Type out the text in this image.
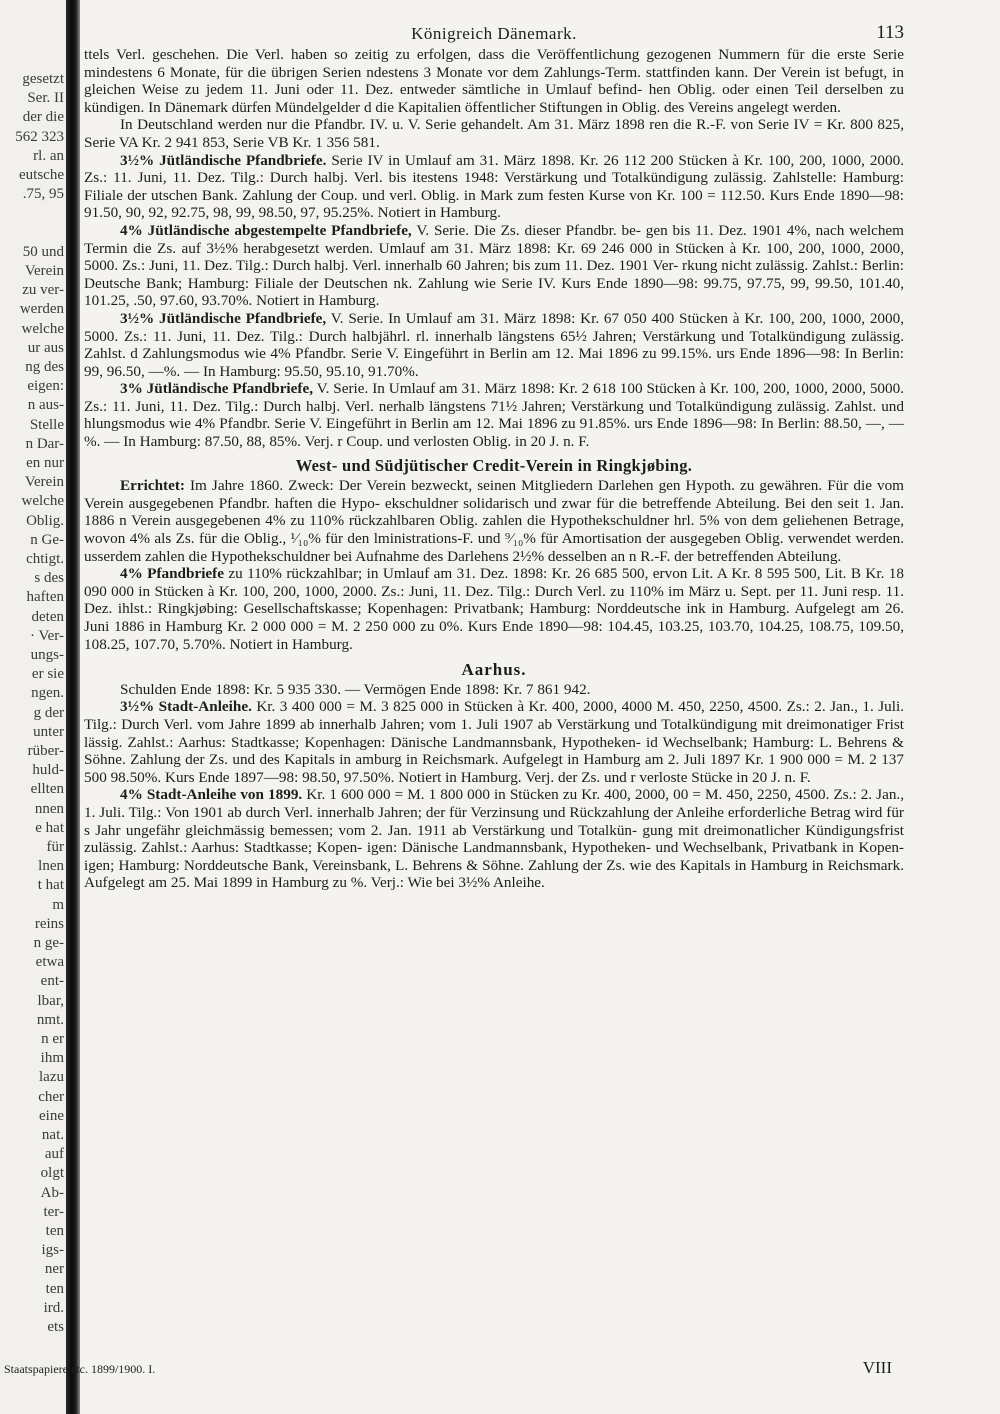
gesetzt
Ser. II
der die
562 323
rl. an
eutsche
.75, 95
50 und
Verein
zu ver-
werden
welche
ur aus
ng des
eigen:
n aus-
Stelle
n Dar-
en nur
Verein
welche
Oblig.
n Ge-
chtigt.
s des
haften
deten
· Ver-
ungs-
er sie
ngen.
g der
unter
rüber-
huld-
ellten
nnen
e hat
für
lnen
t hat
m
reins
n ge-
etwa
ent-
lbar,
nmt.
n er
ihm
lazu
cher
eine
nat.
auf
olgt
Ab-
ter-
ten
igs-
ner
ten
ird.
ets
Königreich Dänemark.	113

ttels Verl. geschehen. Die Verl. haben so zeitig zu erfolgen, dass die Veröffentlichung gezogenen Nummern für die erste Serie mindestens 6 Monate, für die übrigen Serien ndestens 3 Monate vor dem Zahlungs-Term. stattfinden kann. Der Verein ist befugt, in gleichen Weise zu jedem 11. Juni oder 11. Dez. entweder sämtliche in Umlauf befind- hen Oblig. oder einen Teil derselben zu kündigen. In Dänemark dürfen Mündelgelder d die Kapitalien öffentlicher Stiftungen in Oblig. des Vereins angelegt werden.

In Deutschland werden nur die Pfandbr. IV. u. V. Serie gehandelt. Am 31. März 1898 ren die R.-F. von Serie IV = Kr. 800 825, Serie VA Kr. 2 941 853, Serie VB Kr. 1 356 581.

3½% Jütländische Pfandbriefe. Serie IV in Umlauf am 31. März 1898. Kr. 26 112 200 Stücken à Kr. 100, 200, 1000, 2000. Zs.: 11. Juni, 11. Dez. Tilg.: Durch halbj. Verl. bis itestens 1948: Verstärkung und Totalkündigung zulässig. Zahlstelle: Hamburg: Filiale der utschen Bank. Zahlung der Coup. und verl. Oblig. in Mark zum festen Kurse von Kr. 100 = 112.50. Kurs Ende 1890—98: 91.50, 90, 92, 92.75, 98, 99, 98.50, 97, 95.25%. Notiert in Hamburg.

4% Jütländische abgestempelte Pfandbriefe, V. Serie. Die Zs. dieser Pfandbr. be- gen bis 11. Dez. 1901 4%, nach welchem Termin die Zs. auf 3½% herabgesetzt werden. Umlauf am 31. März 1898: Kr. 69 246 000 in Stücken à Kr. 100, 200, 1000, 2000, 5000. Zs.: Juni, 11. Dez. Tilg.: Durch halbj. Verl. innerhalb 60 Jahren; bis zum 11. Dez. 1901 Ver- rkung nicht zulässig. Zahlst.: Berlin: Deutsche Bank; Hamburg: Filiale der Deutschen nk. Zahlung wie Serie IV. Kurs Ende 1890—98: 99.75, 97.75, 99, 99.50, 101.40, 101.25, .50, 97.60, 93.70%. Notiert in Hamburg.

3½% Jütländische Pfandbriefe, V. Serie. In Umlauf am 31. März 1898: Kr. 67 050 400 Stücken à Kr. 100, 200, 1000, 2000, 5000. Zs.: 11. Juni, 11. Dez. Tilg.: Durch halbjährl. rl. innerhalb längstens 65½ Jahren; Verstärkung und Totalkündigung zulässig. Zahlst. d Zahlungsmodus wie 4% Pfandbr. Serie V. Eingeführt in Berlin am 12. Mai 1896 zu 99.15%. urs Ende 1896—98: In Berlin: 99, 96.50, —%. — In Hamburg: 95.50, 95.10, 91.70%.

3% Jütländische Pfandbriefe, V. Serie. In Umlauf am 31. März 1898: Kr. 2 618 100 Stücken à Kr. 100, 200, 1000, 2000, 5000. Zs.: 11. Juni, 11. Dez. Tilg.: Durch halbj. Verl. nerhalb längstens 71½ Jahren; Verstärkung und Totalkündigung zulässig. Zahlst. und hlungsmodus wie 4% Pfandbr. Serie V. Eingeführt in Berlin am 12. Mai 1896 zu 91.85%. urs Ende 1896—98: In Berlin: 88.50, —, —%. — In Hamburg: 87.50, 88, 85%. Verj. r Coup. und verlosten Oblig. in 20 J. n. F.

West- und Südjütischer Credit-Verein in Ringkjøbing.

Errichtet: Im Jahre 1860. Zweck: Der Verein bezweckt, seinen Mitgliedern Darlehen gen Hypoth. zu gewähren. Für die vom Verein ausgegebenen Pfandbr. haften die Hypo- ekschuldner solidarisch und zwar für die betreffende Abteilung. Bei den seit 1. Jan. 1886 n Verein ausgegebenen 4% zu 110% rückzahlbaren Oblig. zahlen die Hypothekschuldner hrl. 5% von dem geliehenen Betrage, wovon 4% als Zs. für die Oblig., ¹⁄₁₀% für den lministrations-F. und ⁹⁄₁₀% für Amortisation der ausgegeben Oblig. verwendet werden. usserdem zahlen die Hypothekschuldner bei Aufnahme des Darlehens 2½% desselben an n R.-F. der betreffenden Abteilung.

4% Pfandbriefe zu 110% rückzahlbar; in Umlauf am 31. Dez. 1898: Kr. 26 685 500, ervon Lit. A Kr. 8 595 500, Lit. B Kr. 18 090 000 in Stücken à Kr. 100, 200, 1000, 2000. Zs.: Juni, 11. Dez. Tilg.: Durch Verl. zu 110% im März u. Sept. per 11. Juni resp. 11. Dez. ihlst.: Ringkjøbing: Gesellschaftskasse; Kopenhagen: Privatbank; Hamburg: Norddeutsche ink in Hamburg. Aufgelegt am 26. Juni 1886 in Hamburg Kr. 2 000 000 = M. 2 250 000 zu 0%. Kurs Ende 1890—98: 104.45, 103.25, 103.70, 104.25, 108.75, 109.50, 108.25, 107.70, 5.70%. Notiert in Hamburg.

Aarhus.

Schulden Ende 1898: Kr. 5 935 330. — Vermögen Ende 1898: Kr. 7 861 942.

3½% Stadt-Anleihe. Kr. 3 400 000 = M. 3 825 000 in Stücken à Kr. 400, 2000, 4000 M. 450, 2250, 4500. Zs.: 2. Jan., 1. Juli. Tilg.: Durch Verl. vom Jahre 1899 ab innerhalb Jahren; vom 1. Juli 1907 ab Verstärkung und Totalkündigung mit dreimonatiger Frist lässig. Zahlst.: Aarhus: Stadtkasse; Kopenhagen: Dänische Landmannsbank, Hypotheken- id Wechselbank; Hamburg: L. Behrens & Söhne. Zahlung der Zs. und des Kapitals in amburg in Reichsmark. Aufgelegt in Hamburg am 2. Juli 1897 Kr. 1 900 000 = M. 2 137 500 98.50%. Kurs Ende 1897—98: 98.50, 97.50%. Notiert in Hamburg. Verj. der Zs. und r verloste Stücke in 20 J. n. F.

4% Stadt-Anleihe von 1899. Kr. 1 600 000 = M. 1 800 000 in Stücken zu Kr. 400, 2000, 00 = M. 450, 2250, 4500. Zs.: 2. Jan., 1. Juli. Tilg.: Von 1901 ab durch Verl. innerhalb Jahren; der für Verzinsung und Rückzahlung der Anleihe erforderliche Betrag wird für s Jahr ungefähr gleichmässig bemessen; vom 2. Jan. 1911 ab Verstärkung und Totalkün- gung mit dreimonatlicher Kündigungsfrist zulässig. Zahlst.: Aarhus: Stadtkasse; Kopen- igen: Dänische Landmannsbank, Hypotheken- und Wechselbank, Privatbank in Kopen- igen; Hamburg: Norddeutsche Bank, Vereinsbank, L. Behrens & Söhne. Zahlung der Zs. wie des Kapitals in Hamburg in Reichsmark. Aufgelegt am 25. Mai 1899 in Hamburg zu %. Verj.: Wie bei 3½% Anleihe.

Staatspapiere etc. 1899/1900. I.	VIII
